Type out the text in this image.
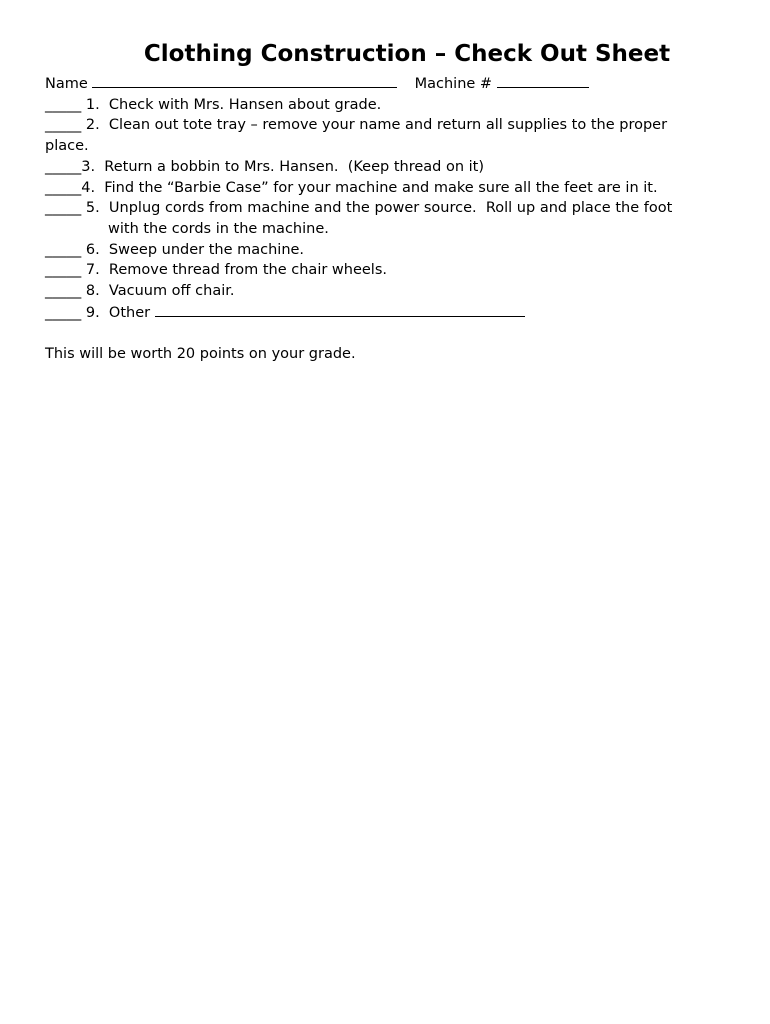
Clothing Construction – Check Out Sheet
Name	Machine #
_____ 1.  Check with Mrs. Hansen about grade.
_____ 2.  Clean out tote tray – remove your name and return all supplies to the proper
place.
_____3.  Return a bobbin to Mrs. Hansen.  (Keep thread on it)
_____4.  Find the “Barbie Case” for your machine and make sure all the feet are in it.
_____ 5.  Unplug cords from machine and the power source.  Roll up and place the foot
with the cords in the machine.
_____ 6.  Sweep under the machine.
_____ 7.  Remove thread from the chair wheels.
_____ 8.  Vacuum off chair.
_____ 9.  Other
This will be worth 20 points on your grade.
